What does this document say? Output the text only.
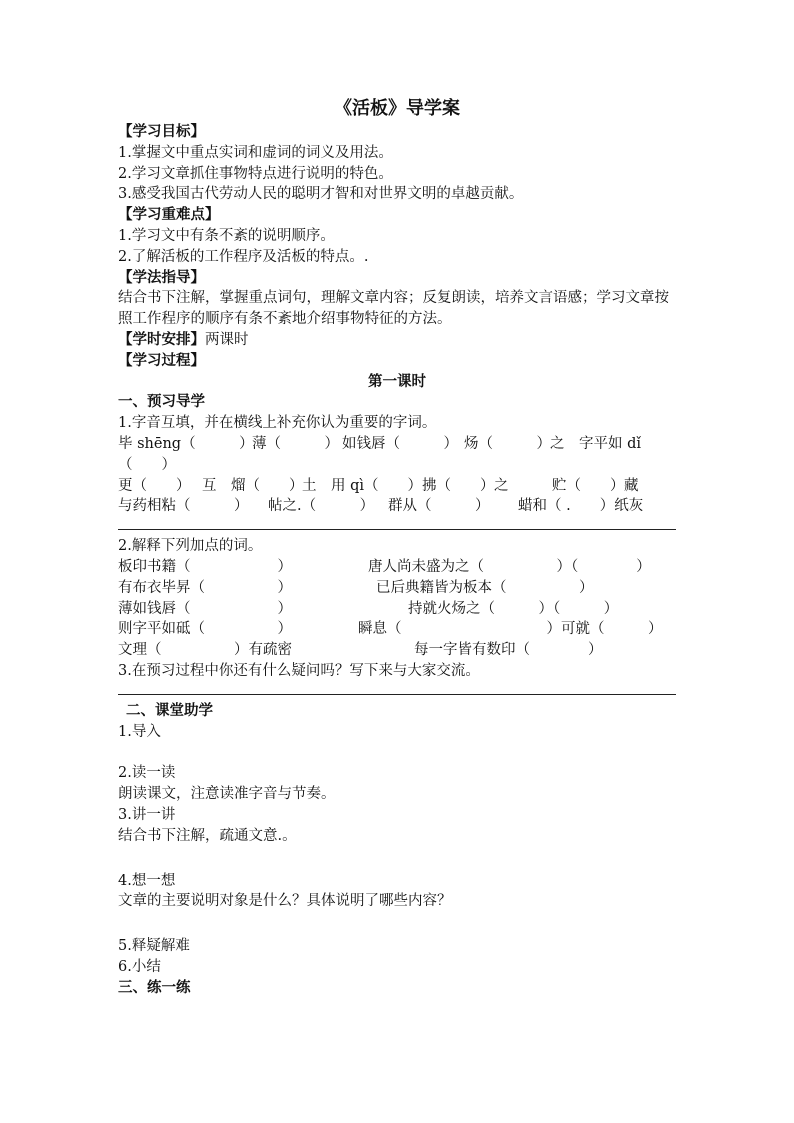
《活板》导学案
【学习目标】
1.掌握文中重点实词和虚词的词义及用法。
2.学习文章抓住事物特点进行说明的特色。
3.感受我国古代劳动人民的聪明才智和对世界文明的卓越贡献。
【学习重难点】
1.学习文中有条不紊的说明顺序。
2.了解活板的工作程序及活板的特点。.
【学法指导】
结合书下注解，掌握重点词句，理解文章内容；反复朗读，培养文言语感；学习文章按照工作程序的顺序有条不紊地介绍事物特征的方法。
【学时安排】两课时
【学习过程】
第一课时
一、预习导学
1.字音互填，并在横线上补充你认为重要的字词。
毕 shēng（　　　）薄（　　　） 如钱唇（　　　） 炀（　　　）之　字平如 dǐ
（　　）
更（　　） 互　熘（　　）土　用 qì（　　）拂（　　）之　　　贮（　　）藏
与药相粘（　　　） 帖之.（　　　） 群从（　　　） 蜡和（ .　　）纸灰
2.解释下列加点的词。
板印书籍（　　　　　　）	唐人尚未盛为之（　　　　　）（　　　　）
有布衣毕昇（　　　　　）	已后典籍皆为板本（　　　　　）
薄如钱唇（　　　　　　）	持就火炀之（　　　）（　　　）
则字平如砥（　　　　　）	瞬息（　　　　　　　　　　）可就（　　　）
文理（　　　　　）有疏密	每一字皆有数印（　　　　）
3.在预习过程中你还有什么疑问吗？写下来与大家交流。
二、课堂助学
1.导入
2.读一读
朗读课文，注意读准字音与节奏。
3.讲一讲
结合书下注解，疏通文意.。
4.想一想
文章的主要说明对象是什么？具体说明了哪些内容？
5.释疑解难
6.小结
三、练一练
